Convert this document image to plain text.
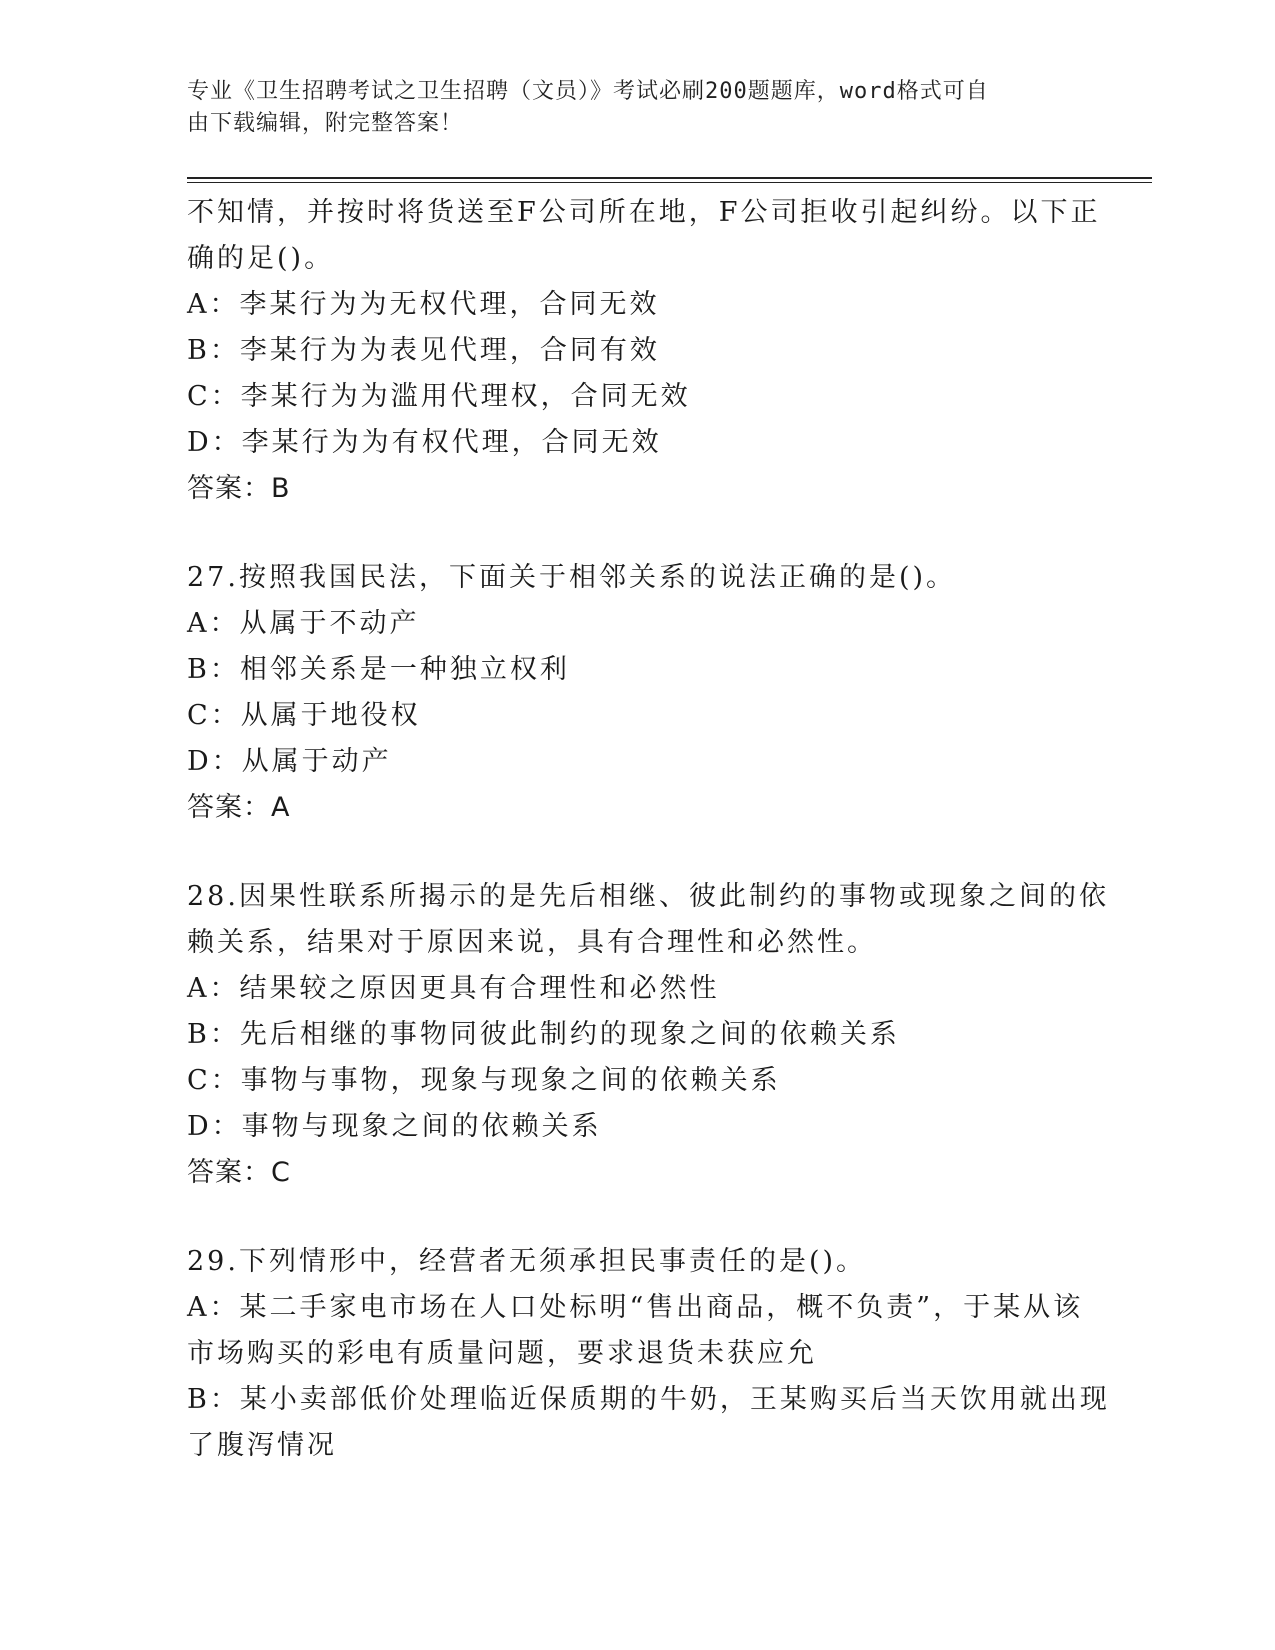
专业《卫生招聘考试之卫生招聘（文员）》考试必刷200题题库，word格式可自
由下载编辑，附完整答案！
不知情，并按时将货送至F公司所在地，F公司拒收引起纠纷。以下正
确的足()。
A：李某行为为无权代理，合同无效
B：李某行为为表见代理，合同有效
C：李某行为为滥用代理权，合同无效
D：李某行为为有权代理，合同无效
答案：B
27.按照我国民法，下面关于相邻关系的说法正确的是()。
A：从属于不动产
B：相邻关系是一种独立权利
C：从属于地役权
D：从属于动产
答案：A
28.因果性联系所揭示的是先后相继、彼此制约的事物或现象之间的依
赖关系，结果对于原因来说，具有合理性和必然性。
A：结果较之原因更具有合理性和必然性
B：先后相继的事物同彼此制约的现象之间的依赖关系
C：事物与事物，现象与现象之间的依赖关系
D：事物与现象之间的依赖关系
答案：C
29.下列情形中，经营者无须承担民事责任的是()。
A：某二手家电市场在人口处标明“售出商品，概不负责”，于某从该
市场购买的彩电有质量问题，要求退货未获应允
B：某小卖部低价处理临近保质期的牛奶，王某购买后当天饮用就出现
了腹泻情况
